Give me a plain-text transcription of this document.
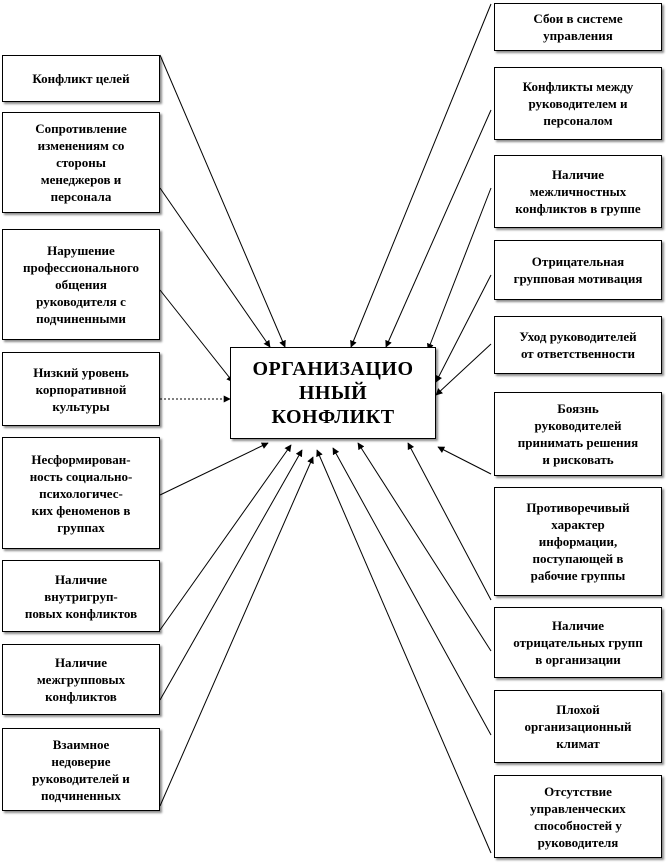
ОРГАНИЗАЦИО
ННЫЙ
КОНФЛИКТ
Конфликт целей
Сопротивление
изменениям со
стороны
менеджеров и
персонала
Нарушение
профессионального
общения
руководителя с
подчиненными
Низкий уровень
корпоративной
культуры
Несформирован-
ность социально-
психологичес-
ких феноменов в
группах
Наличие
внутригруп-
повых конфликтов
Наличие
межгрупповых
конфликтов
Взаимное
недоверие
руководителей и
подчиненных
Сбои в системе
управления
Конфликты между
руководителем и
персоналом
Наличие
межличностных
конфликтов в группе
Отрицательная
групповая мотивация
Уход руководителей
от ответственности
Боязнь
руководителей
принимать решения
и рисковать
Противоречивый
характер
информации,
поступающей в
рабочие группы
Наличие
отрицательных групп
в организации
Плохой
организационный
климат
Отсутствие
управленческих
способностей у
руководителя
